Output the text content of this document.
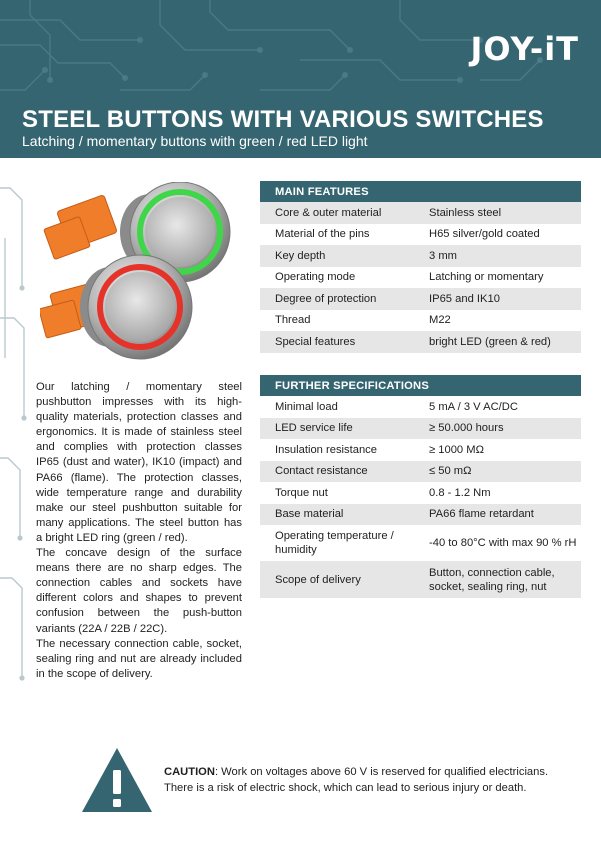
JOY-iT
STEEL BUTTONS WITH VARIOUS SWITCHES
Latching / momentary buttons with green / red LED light

Our latching / momentary steel pushbutton impresses with its high-quality materials, protection classes and ergonomics. It is made of stainless steel and complies with protection classes IP65 (dust and water), IK10 (impact) and PA66 (flame). The protection classes, wide temperature range and durability make our steel pushbutton suitable for many applications. The steel button has a bright LED ring (green / red).

The concave design of the surface means there are no sharp edges. The connection cables and sockets have different colors and shapes to prevent confusion between the push-button variants (22A / 22B / 22C).

The necessary connection cable, socket, sealing ring and nut are already included in the scope of delivery.

MAIN FEATURES	
Core & outer material	Stainless steel
Material of the pins	H65 silver/gold coated
Key depth	3 mm
Operating mode	Latching or momentary
Degree of protection	IP65 and IK10
Thread	M22
Special features	bright LED (green & red)
FURTHER SPECIFICATIONS	
Minimal load	5 mA / 3 V AC/DC
LED service life	≥ 50.000 hours
Insulation resistance	≥ 1000 MΩ
Contact resistance	≤ 50 mΩ
Torque nut	0.8 - 1.2 Nm
Base material	PA66 flame retardant
Operating temperature / humidity	-40 to 80°C with max 90 % rH
Scope of delivery	Button, connection cable, socket, sealing ring, nut
CAUTION: Work on voltages above 60 V is reserved for qualified electricians.
There is a risk of electric shock, which can lead to serious injury or death.
